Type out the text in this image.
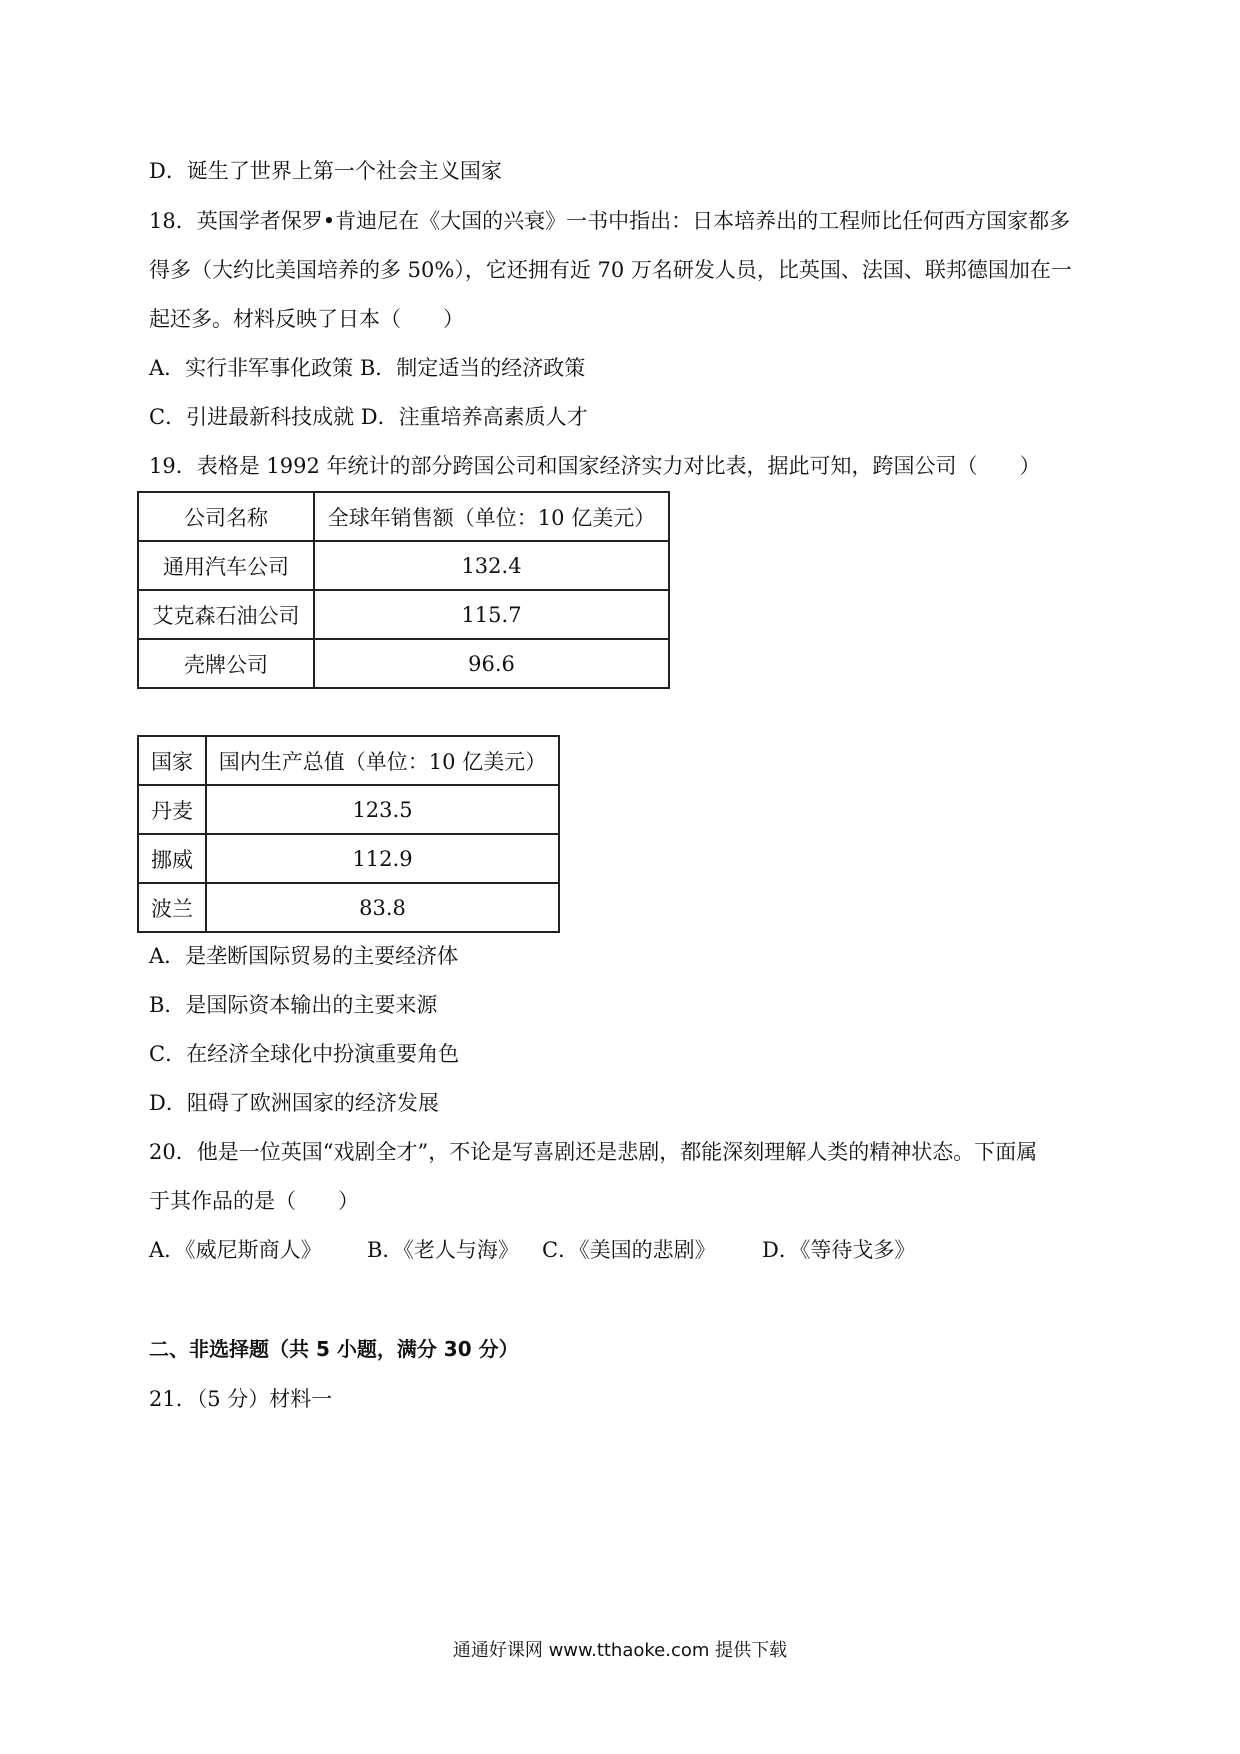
D．诞生了世界上第一个社会主义国家
18．英国学者保罗•肯迪尼在《大国的兴衰》一书中指出：日本培养出的工程师比任何西方国家都多
得多（大约比美国培养的多 50%），它还拥有近 70 万名研发人员，比英国、法国、联邦德国加在一
起还多。材料反映了日本（　　）
A．实行非军事化政策 B．制定适当的经济政策
C．引进最新科技成就 D．注重培养高素质人才
19．表格是 1992 年统计的部分跨国公司和国家经济实力对比表，据此可知，跨国公司（　　）
公司名称	全球年销售额（单位：10 亿美元）
通用汽车公司	132.4
艾克森石油公司	115.7
壳牌公司	96.6
国家	国内生产总值（单位：10 亿美元）
丹麦	123.5
挪威	112.9
波兰	83.8
A．是垄断国际贸易的主要经济体
B．是国际资本输出的主要来源
C．在经济全球化中扮演重要角色
D．阻碍了欧洲国家的经济发展
20．他是一位英国“戏剧全才”，不论是写喜剧还是悲剧，都能深刻理解人类的精神状态。下面属
于其作品的是（　　）
A．《威尼斯商人》 B．《老人与海》 C．《美国的悲剧》 D．《等待戈多》
二、非选择题（共 5 小题，满分 30 分）
21．（5 分）材料一
通通好课网 www.tthaoke.com 提供下载
